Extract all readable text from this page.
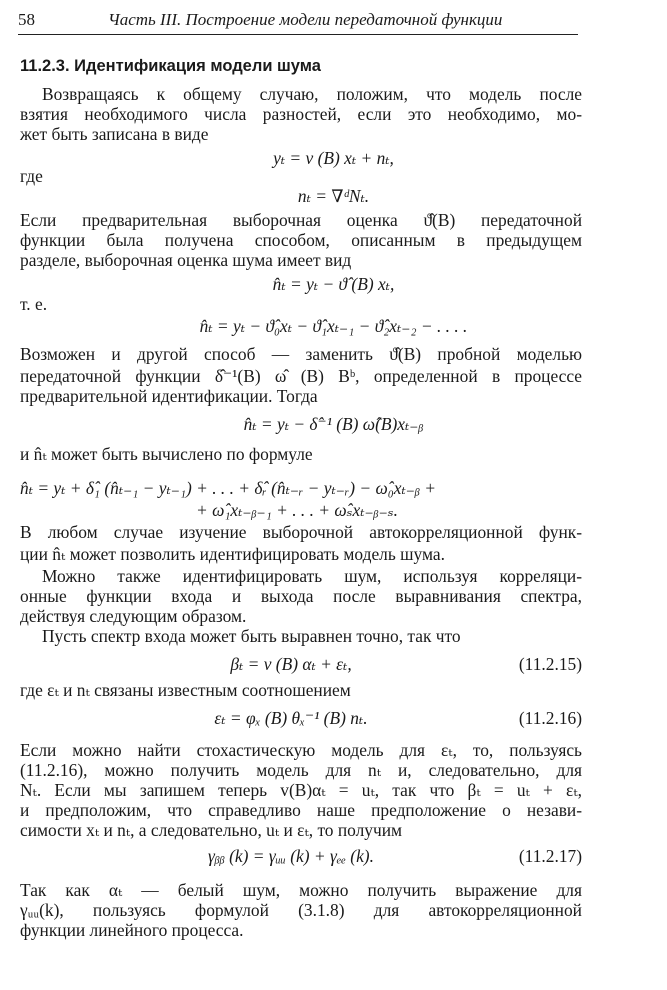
58	Часть III. Построение модели передаточной функции
11.2.3. Идентификация модели шума
Возвращаясь к общему случаю, положим, что модель после
взятия необходимого числа разностей, если это необходимо, мо-
жет быть записана в виде
yₜ = v (B) xₜ + nₜ,
где
nₜ = ∇ᵈNₜ.
Если предварительная выборочная оценка ϑ̂(B) передаточной
функции была получена способом, описанным в предыдущем
разделе, выборочная оценка шума имеет вид
n̂ₜ = yₜ − ϑ̂ (B) xₜ,
т. е.
n̂ₜ = yₜ − ϑ̂₀xₜ − ϑ̂₁xₜ₋₁ − ϑ̂₂xₜ₋₂ − . . . .
Возможен и другой способ — заменить ϑ̂(B) пробной моделью
передаточной функции δ̂⁻¹(B) ω̂ (B) Bᵇ, определенной в процессе
предварительной идентификации. Тогда
n̂ₜ = yₜ − δ̂⁻¹ (B) ω̂(B)xₜ₋ᵦ
и n̂ₜ может быть вычислено по формуле
n̂ₜ = yₜ + δ̂₁ (n̂ₜ₋₁ − yₜ₋₁) + . . . + δ̂ᵣ (n̂ₜ₋ᵣ − yₜ₋ᵣ) − ω̂₀xₜ₋ᵦ +
+ ω̂₁xₜ₋ᵦ₋₁ + . . . + ω̂ₛxₜ₋ᵦ₋ₛ.
В любом случае изучение выборочной автокорреляционной функ-
ции n̂ₜ может позволить идентифицировать модель шума.
Можно также идентифицировать шум, используя корреляци-
онные функции входа и выхода после выравнивания спектра,
действуя следующим образом.
Пусть спектр входа может быть выравнен точно, так что
βₜ = v (B) αₜ + εₜ,	(11.2.15)
где εₜ и nₜ связаны известным соотношением
εₜ = φₓ (B) θₓ⁻¹ (B) nₜ.	(11.2.16)
Если можно найти стохастическую модель для εₜ, то, пользуясь
(11.2.16), можно получить модель для nₜ и, следовательно, для
Nₜ. Если мы запишем теперь v(B)αₜ = uₜ, так что βₜ = uₜ + εₜ,
и предположим, что справедливо наше предположение о незави-
симости xₜ и nₜ, а следовательно, uₜ и εₜ, то получим
γᵦᵦ (k) = γᵤᵤ (k) + γₑₑ (k).	(11.2.17)
Так как αₜ — белый шум, можно получить выражение для
γᵤᵤ(k), пользуясь формулой (3.1.8) для автокорреляционной
функции линейного процесса.
